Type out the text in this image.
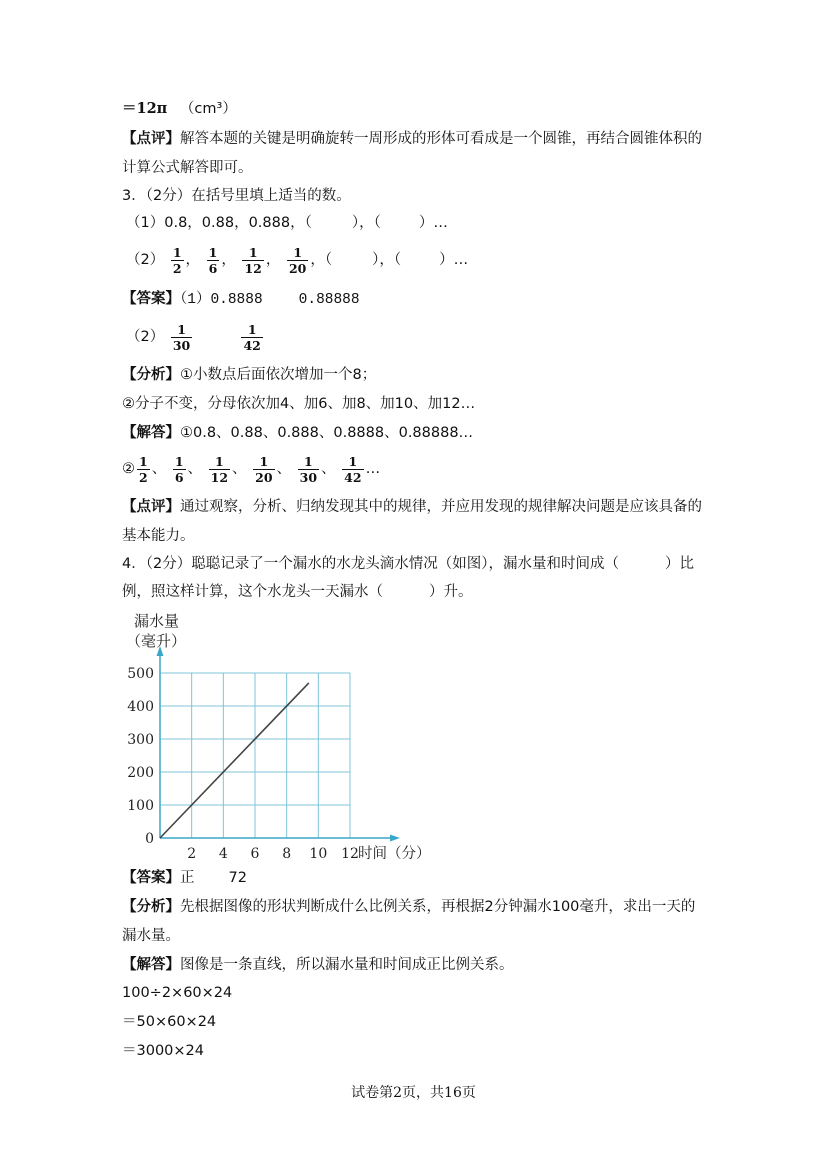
＝12π （cm³）
【点评】解答本题的关键是明确旋转一周形成的形体可看成是一个圆锥，再结合圆锥体积的
计算公式解答即可。
3．（2分）在括号里填上适当的数。
（1）0.8，0.88，0.888，（	），（	）…
$(2) \frac{1}{2}$ ， $\frac{1}{6}$ ， $\frac{1}{12}$ ， $\frac{1}{20}$ ，（	），（	）…
【答案】（1）0.8888 0.88888
$(2) \frac{1}{30}$
	$\frac{1}{42}$
【分析】①小数点后面依次增加一个8；
②分子不变，分母依次加4、加6、加8、加10、加12…
【解答】①0.8、0.88、0.888、0.8888、0.88888…
② $\frac{1}{2}$ 、 $\frac{1}{6}$ 、 $\frac{1}{12}$ 、 $\frac{1}{20}$ 、 $\frac{1}{30}$ 、 $\frac{1}{42}$ …
【点评】通过观察，分析、归纳发现其中的规律，并应用发现的规律解决问题是应该具备的
基本能力。
4．（2分）聪聪记录了一个漏水的水龙头滴水情况（如图），漏水量和时间成（	）比
例，照这样计算，这个水龙头一天漏水（	）升。
0
100
200
300
400
500
2 4 6 8 10 12 时间（分）
漏水量
（毫升）
【答案】正 72
【分析】先根据图像的形状判断成什么比例关系，再根据2分钟漏水100毫升，求出一天的
漏水量。
【解答】图像是一条直线，所以漏水量和时间成正比例关系。
100÷2×60×24
＝50×60×24
＝3000×24
试卷第2页，共16页
